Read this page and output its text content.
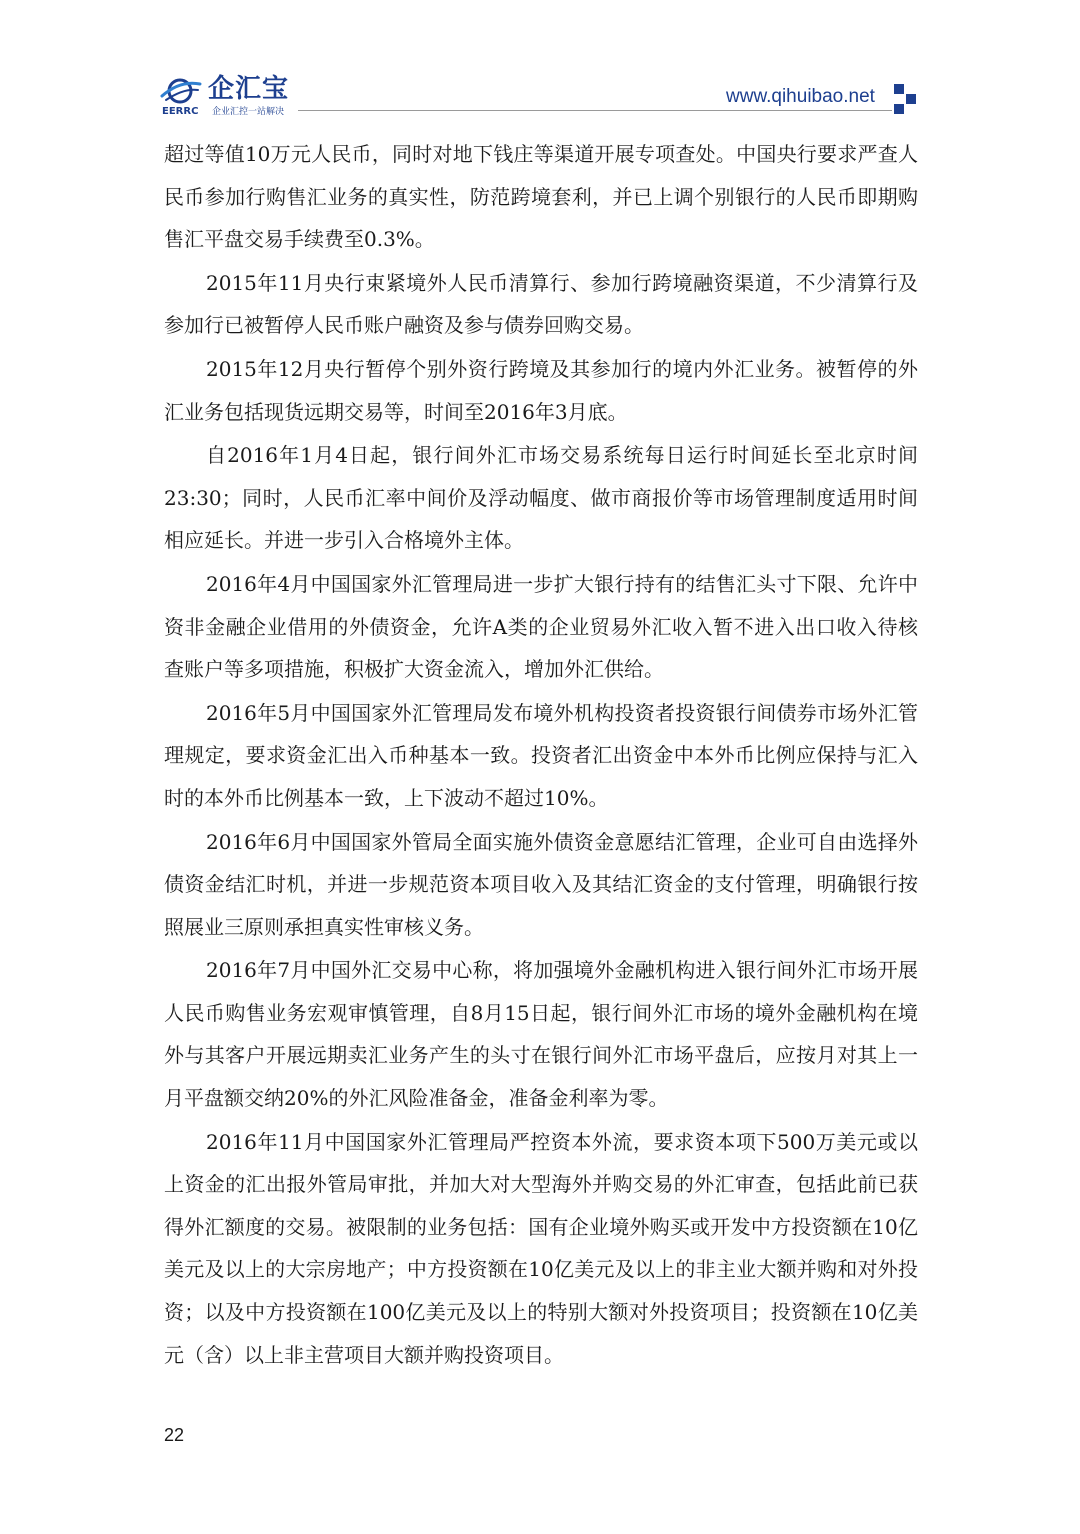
企汇宝
EERRC 企业汇控一站解决
www.qihuibao.net

超过等值10万元人民币，同时对地下钱庄等渠道开展专项查处。中国央行要求严查人民币参加行购售汇业务的真实性，防范跨境套利，并已上调个别银行的人民币即期购售汇平盘交易手续费至0.3%。

2015年11月央行束紧境外人民币清算行、参加行跨境融资渠道，不少清算行及参加行已被暂停人民币账户融资及参与债券回购交易。

2015年12月央行暂停个别外资行跨境及其参加行的境内外汇业务。被暂停的外汇业务包括现货远期交易等，时间至2016年3月底。

自2016年1月4日起，银行间外汇市场交易系统每日运行时间延长至北京时间23:30；同时，人民币汇率中间价及浮动幅度、做市商报价等市场管理制度适用时间相应延长。并进一步引入合格境外主体。

2016年4月中国国家外汇管理局进一步扩大银行持有的结售汇头寸下限、允许中资非金融企业借用的外债资金，允许A类的企业贸易外汇收入暂不进入出口收入待核查账户等多项措施，积极扩大资金流入，增加外汇供给。

2016年5月中国国家外汇管理局发布境外机构投资者投资银行间债券市场外汇管理规定，要求资金汇出入币种基本一致。投资者汇出资金中本外币比例应保持与汇入时的本外币比例基本一致，上下波动不超过10%。

2016年6月中国国家外管局全面实施外债资金意愿结汇管理，企业可自由选择外债资金结汇时机，并进一步规范资本项目收入及其结汇资金的支付管理，明确银行按照展业三原则承担真实性审核义务。

2016年7月中国外汇交易中心称，将加强境外金融机构进入银行间外汇市场开展人民币购售业务宏观审慎管理，自8月15日起，银行间外汇市场的境外金融机构在境外与其客户开展远期卖汇业务产生的头寸在银行间外汇市场平盘后，应按月对其上一月平盘额交纳20%的外汇风险准备金，准备金利率为零。

2016年11月中国国家外汇管理局严控资本外流，要求资本项下500万美元或以上资金的汇出报外管局审批，并加大对大型海外并购交易的外汇审查，包括此前已获得外汇额度的交易。被限制的业务包括：国有企业境外购买或开发中方投资额在10亿美元及以上的大宗房地产；中方投资额在10亿美元及以上的非主业大额并购和对外投资；以及中方投资额在100亿美元及以上的特别大额对外投资项目；投资额在10亿美元（含）以上非主营项目大额并购投资项目。

22
